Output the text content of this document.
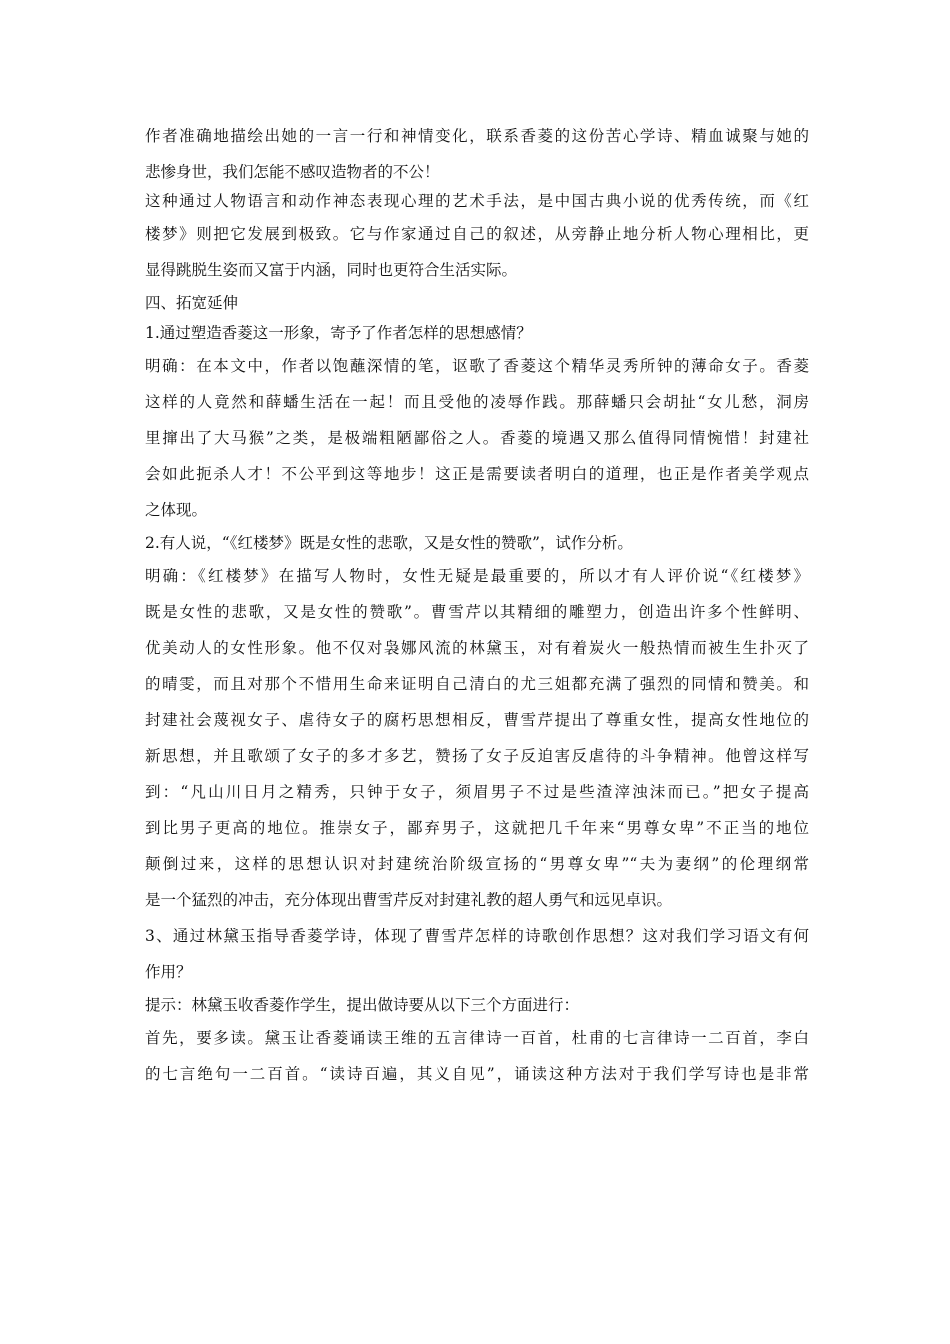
作者准确地描绘出她的一言一行和神情变化，联系香菱的这份苦心学诗、精血诚聚与她的
悲惨身世，我们怎能不感叹造物者的不公！
这种通过人物语言和动作神态表现心理的艺术手法，是中国古典小说的优秀传统，而《红
楼梦》则把它发展到极致。它与作家通过自己的叙述，从旁静止地分析人物心理相比，更
显得跳脱生姿而又富于内涵，同时也更符合生活实际。
四、拓宽延伸
1.通过塑造香菱这一形象，寄予了作者怎样的思想感情？
明确：在本文中，作者以饱蘸深情的笔，讴歌了香菱这个精华灵秀所钟的薄命女子。香菱
这样的人竟然和薛蟠生活在一起！而且受他的凌辱作践。那薛蟠只会胡扯“女儿愁，洞房
里撺出了大马猴”之类，是极端粗陋鄙俗之人。香菱的境遇又那么值得同情惋惜！封建社
会如此扼杀人才！不公平到这等地步！这正是需要读者明白的道理，也正是作者美学观点
之体现。
2.有人说，“《红楼梦》既是女性的悲歌，又是女性的赞歌”，试作分析。
明确：《红楼梦》在描写人物时，女性无疑是最重要的，所以才有人评价说“《红楼梦》
既是女性的悲歌，又是女性的赞歌”。曹雪芹以其精细的雕塑力，创造出许多个性鲜明、
优美动人的女性形象。他不仅对袅娜风流的林黛玉，对有着炭火一般热情而被生生扑灭了
的晴雯，而且对那个不惜用生命来证明自己清白的尤三姐都充满了强烈的同情和赞美。和
封建社会蔑视女子、虐待女子的腐朽思想相反，曹雪芹提出了尊重女性，提高女性地位的
新思想，并且歌颂了女子的多才多艺，赞扬了女子反迫害反虐待的斗争精神。他曾这样写
到：“凡山川日月之精秀，只钟于女子，须眉男子不过是些渣滓浊沫而已。”把女子提高
到比男子更高的地位。推崇女子，鄙弃男子，这就把几千年来“男尊女卑”不正当的地位
颠倒过来，这样的思想认识对封建统治阶级宣扬的“男尊女卑”“夫为妻纲”的伦理纲常
是一个猛烈的冲击，充分体现出曹雪芹反对封建礼教的超人勇气和远见卓识。
3、通过林黛玉指导香菱学诗，体现了曹雪芹怎样的诗歌创作思想？这对我们学习语文有何
作用？
提示：林黛玉收香菱作学生，提出做诗要从以下三个方面进行：
首先，要多读。黛玉让香菱诵读王维的五言律诗一百首，杜甫的七言律诗一二百首，李白
的七言绝句一二百首。“读诗百遍，其义自见”，诵读这种方法对于我们学写诗也是非常
